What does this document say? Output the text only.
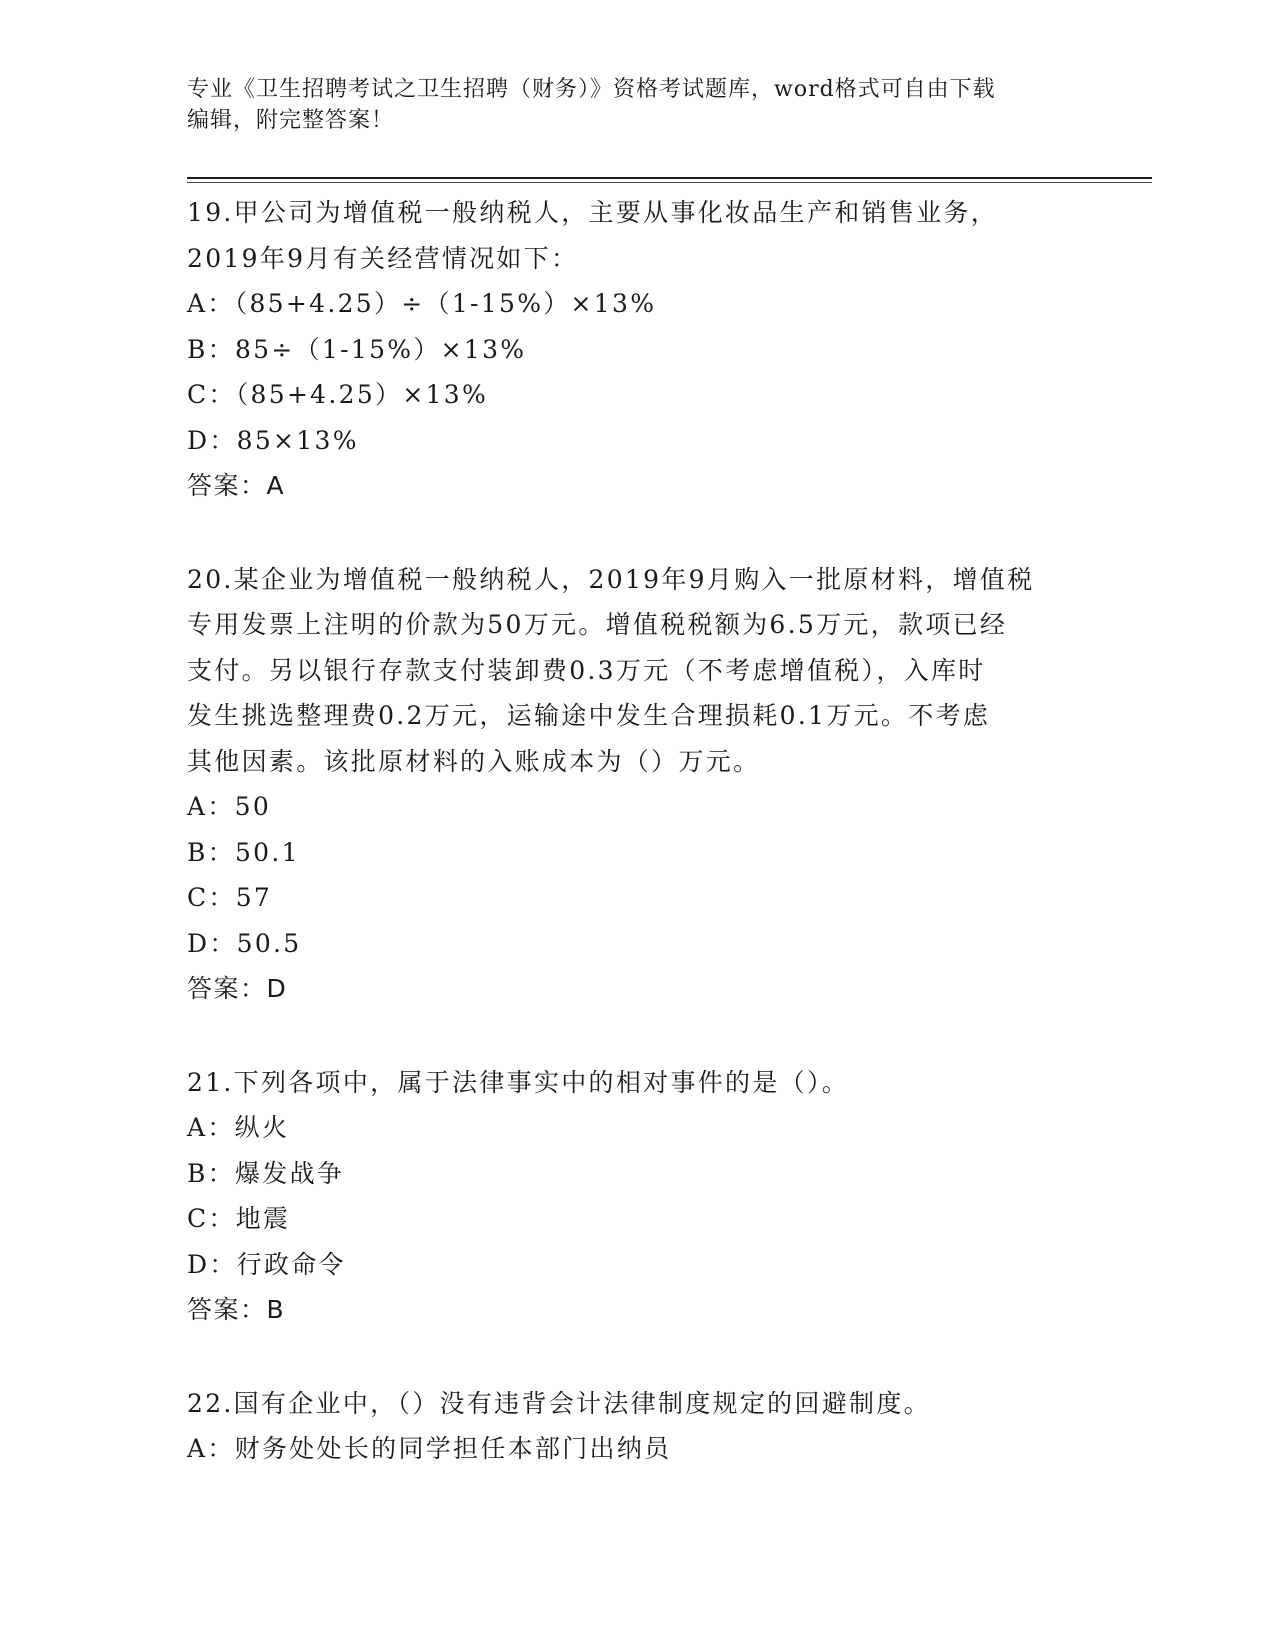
专业《卫生招聘考试之卫生招聘（财务）》资格考试题库，word格式可自由下载
编辑，附完整答案！
19.甲公司为增值税一般纳税人，主要从事化妆品生产和销售业务，
2019年9月有关经营情况如下：
A：（85+4.25）÷（1-15%）×13%
B：85÷（1-15%）×13%
C：（85+4.25）×13%
D：85×13%
答案：A
20.某企业为增值税一般纳税人，2019年9月购入一批原材料，增值税
专用发票上注明的价款为50万元。增值税税额为6.5万元，款项已经
支付。另以银行存款支付装卸费0.3万元（不考虑增值税），入库时
发生挑选整理费0.2万元，运输途中发生合理损耗0.1万元。不考虑
其他因素。该批原材料的入账成本为（）万元。
A：50
B：50.1
C：57
D：50.5
答案：D
21.下列各项中，属于法律事实中的相对事件的是（）。
A：纵火
B：爆发战争
C：地震
D：行政命令
答案：B
22.国有企业中，（）没有违背会计法律制度规定的回避制度。
A：财务处处长的同学担任本部门出纳员
